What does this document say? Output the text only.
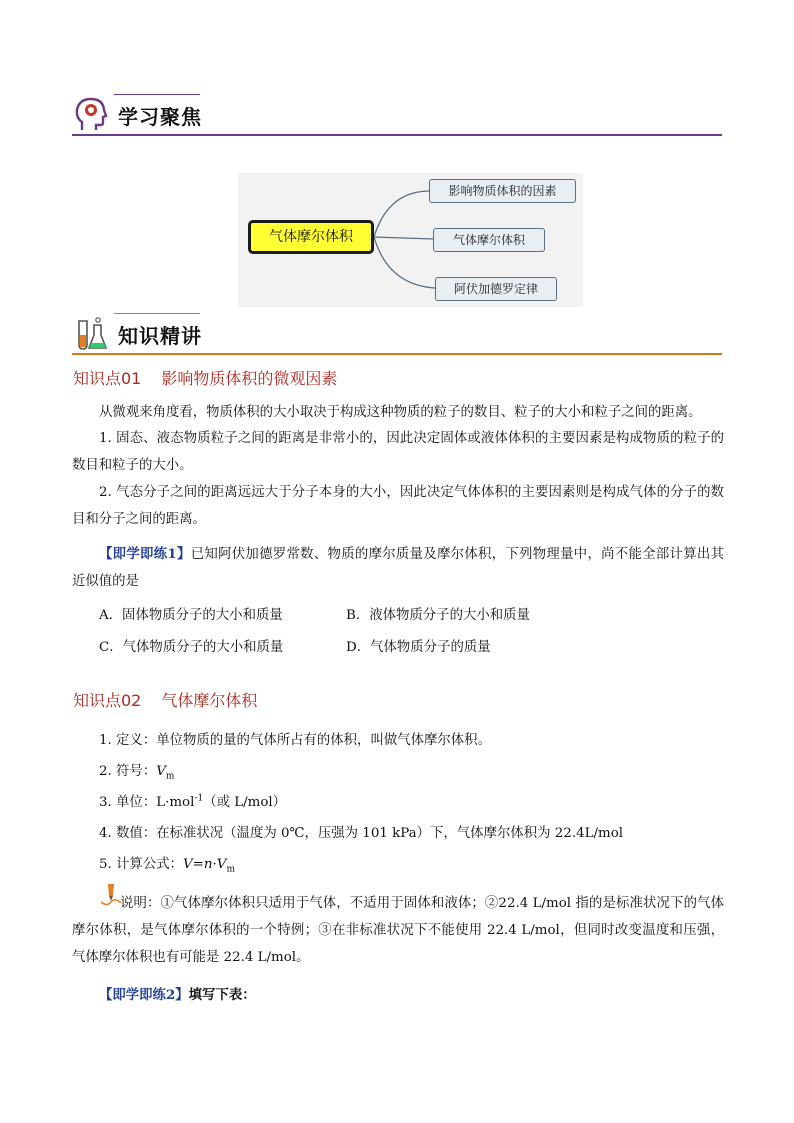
学习聚焦
气体摩尔体积
影响物质体积的因素
气体摩尔体积
阿伏加德罗定律
知识精讲
知识点01 影响物质体积的微观因素
从微观来角度看，物质体积的大小取决于构成这种物质的粒子的数目、粒子的大小和粒子之间的距离。
1. 固态、液态物质粒子之间的距离是非常小的，因此决定固体或液体体积的主要因素是构成物质的粒子的数目和粒子的大小。
2. 气态分子之间的距离远远大于分子本身的大小，因此决定气体体积的主要因素则是构成气体的分子的数目和分子之间的距离。
【即学即练1】已知阿伏加德罗常数、物质的摩尔质量及摩尔体积，下列物理量中，尚不能全部计算出其近似值的是
A．固体物质分子的大小和质量	B．液体物质分子的大小和质量
C．气体物质分子的大小和质量	D．气体物质分子的质量
知识点02 气体摩尔体积
1. 定义：单位物质的量的气体所占有的体积，叫做气体摩尔体积。
2. 符号：$V_m$
3. 单位：L·mol$^{-1}$（或 L/mol）
4. 数值：在标准状况（温度为 0℃，压强为 101 kPa）下，气体摩尔体积为 22.4L/mol
5. 计算公式：$V=n\cdot V_m$
说明：①气体摩尔体积只适用于气体，不适用于固体和液体；②22.4 L/mol 指的是标准状况下的气体摩尔体积，是气体摩尔体积的一个特例；③在非标准状况下不能使用 22.4 L/mol，但同时改变温度和压强，气体摩尔体积也有可能是 22.4 L/mol。
【即学即练2】填写下表：
